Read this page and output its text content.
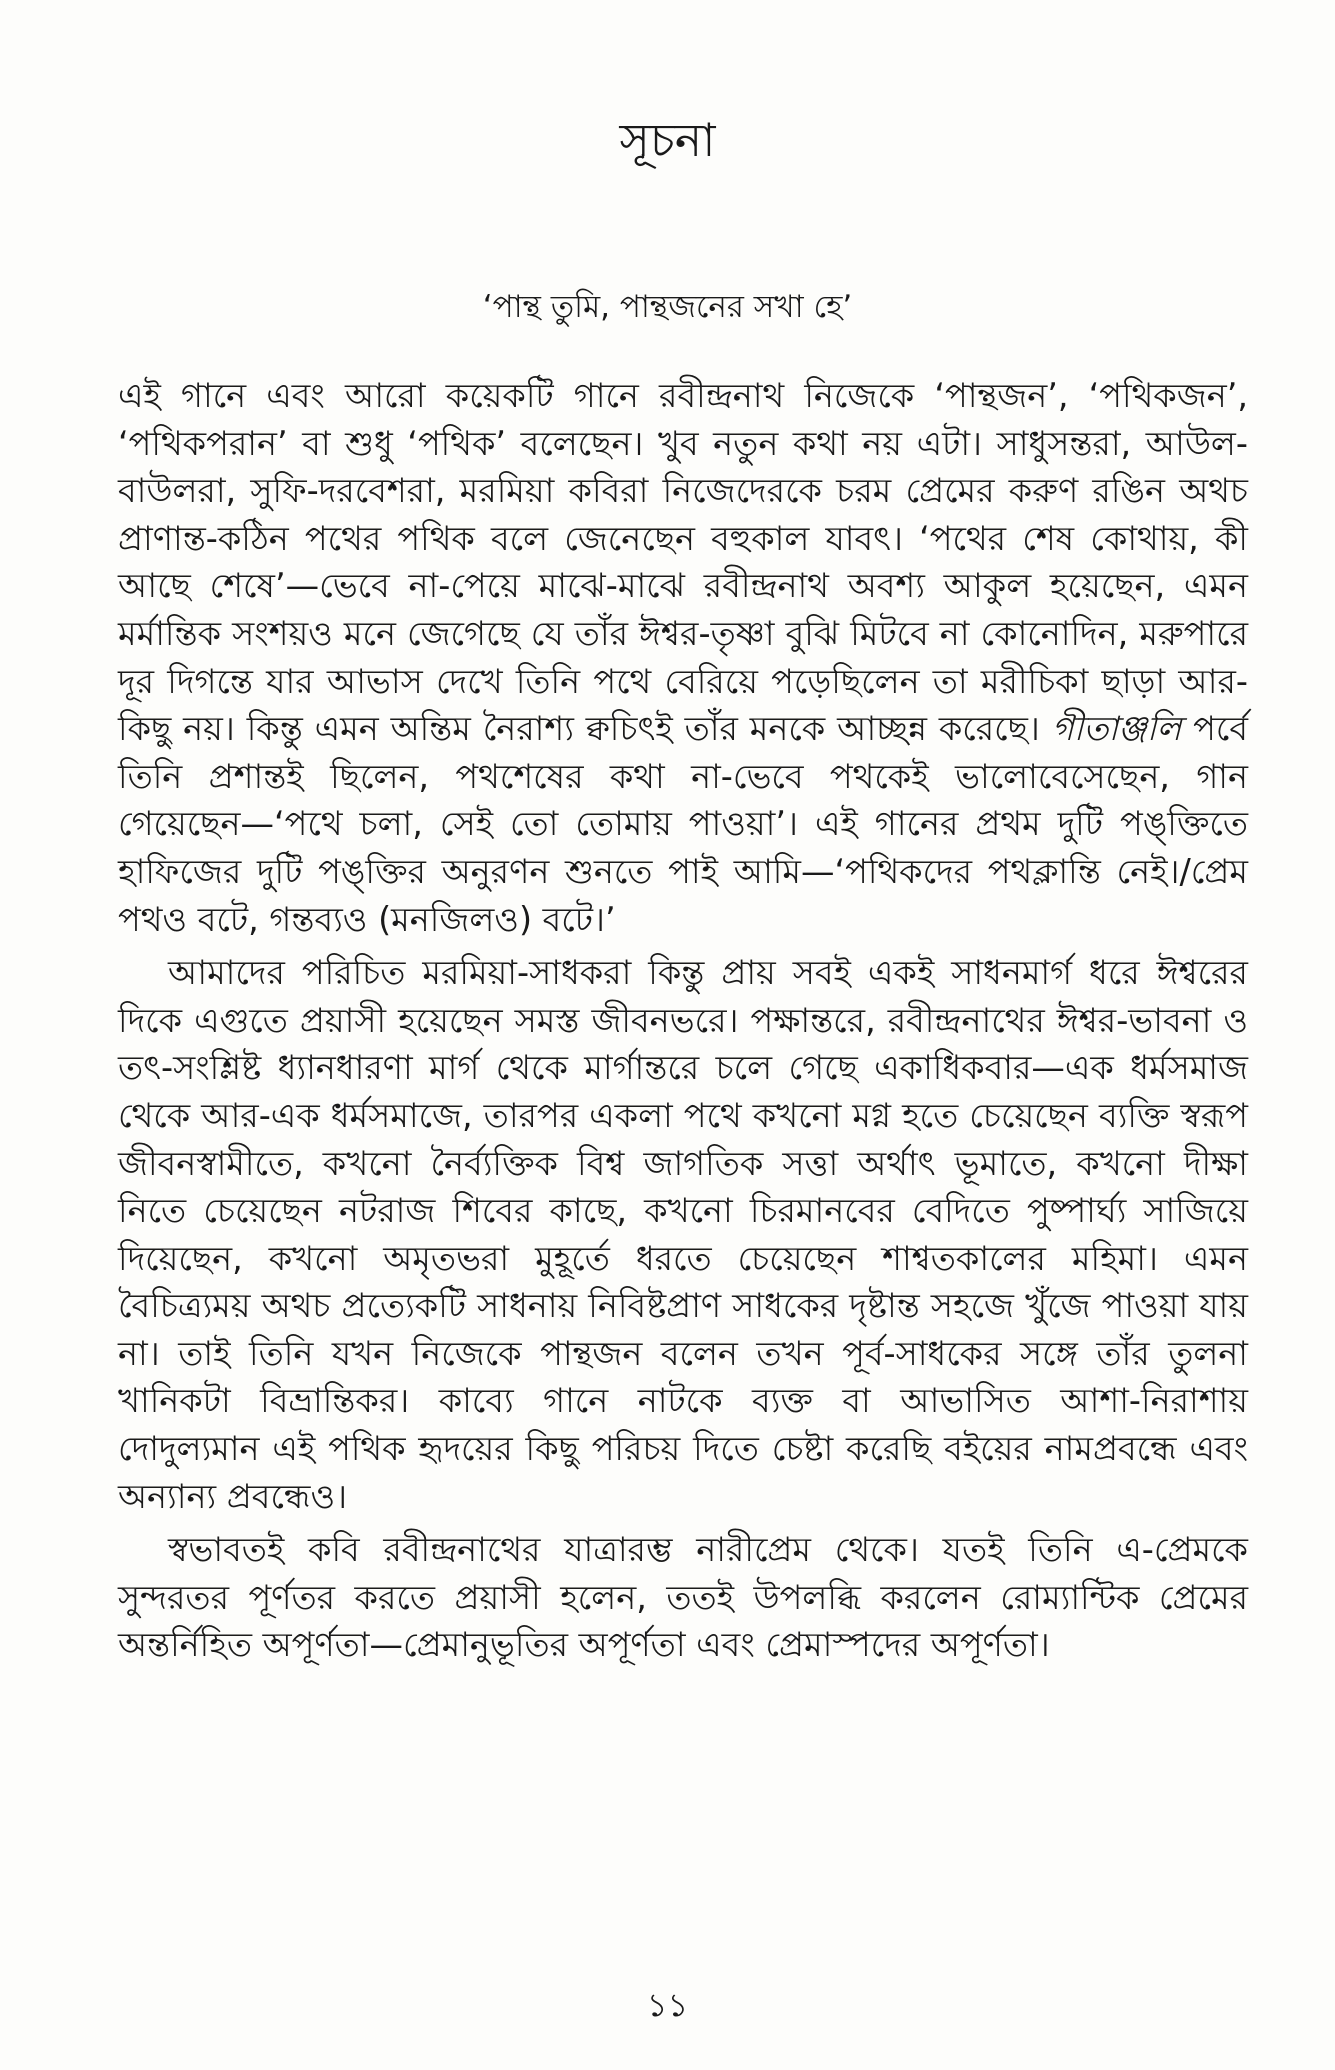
সূচনা
‘পান্থ তুমি, পান্থজনের সখা হে’

এই গানে এবং আরো কয়েকটি গানে রবীন্দ্রনাথ নিজেকে ‘পান্থজন’, ‘পথিকজন’, ‘পথিকপরান’ বা শুধু ‘পথিক’ বলেছেন। খুব নতুন কথা নয় এটা। সাধুসন্তরা, আউল-বাউলরা, সুফি-দরবেশরা, মরমিয়া কবিরা নিজেদেরকে চরম প্রেমের করুণ রঙিন অথচ প্রাণান্ত-কঠিন পথের পথিক বলে জেনেছেন বহুকাল যাবৎ। ‘পথের শেষ কোথায়, কী আছে শেষে’—ভেবে না-পেয়ে মাঝে-মাঝে রবীন্দ্রনাথ অবশ্য আকুল হয়েছেন, এমন মর্মান্তিক সংশয়ও মনে জেগেছে যে তাঁর ঈশ্বর-তৃষ্ণা বুঝি মিটবে না কোনোদিন, মরুপারে দূর দিগন্তে যার আভাস দেখে তিনি পথে বেরিয়ে পড়েছিলেন তা মরীচিকা ছাড়া আর-কিছু নয়। কিন্তু এমন অন্তিম নৈরাশ্য ক্বচিৎই তাঁর মনকে আচ্ছন্ন করেছে। গীতাঞ্জলি পর্বে তিনি প্রশান্তই ছিলেন, পথশেষের কথা না-ভেবে পথকেই ভালোবেসেছেন, গান গেয়েছেন—‘পথে চলা, সেই তো তোমায় পাওয়া’। এই গানের প্রথম দুটি পঙ্‌ক্তিতে হাফিজের দুটি পঙ্‌ক্তির অনুরণন শুনতে পাই আমি—‘পথিকদের পথক্লান্তি নেই।/প্রেম পথও বটে, গন্তব্যও (মনজিলও) বটে।’

আমাদের পরিচিত মরমিয়া-সাধকরা কিন্তু প্রায় সবই একই সাধনমার্গ ধরে ঈশ্বরের দিকে এগুতে প্রয়াসী হয়েছেন সমস্ত জীবনভরে। পক্ষান্তরে, রবীন্দ্রনাথের ঈশ্বর-ভাবনা ও তৎ-সংশ্লিষ্ট ধ্যানধারণা মার্গ থেকে মার্গান্তরে চলে গেছে একাধিকবার—এক ধর্মসমাজ থেকে আর-এক ধর্মসমাজে, তারপর একলা পথে কখনো মগ্ন হতে চেয়েছেন ব্যক্তি স্বরূপ জীবনস্বামীতে, কখনো নৈর্ব্যক্তিক বিশ্ব জাগতিক সত্তা অর্থাৎ ভূমাতে, কখনো দীক্ষা নিতে চেয়েছেন নটরাজ শিবের কাছে, কখনো চিরমানবের বেদিতে পুষ্পার্ঘ্য সাজিয়ে দিয়েছেন, কখনো অমৃতভরা মুহূর্তে ধরতে চেয়েছেন শাশ্বতকালের মহিমা। এমন বৈচিত্র্যময় অথচ প্রত্যেকটি সাধনায় নিবিষ্টপ্রাণ সাধকের দৃষ্টান্ত সহজে খুঁজে পাওয়া যায় না। তাই তিনি যখন নিজেকে পান্থজন বলেন তখন পূর্ব-সাধকের সঙ্গে তাঁর তুলনা খানিকটা বিভ্রান্তিকর। কাব্যে গানে নাটকে ব্যক্ত বা আভাসিত আশা-নিরাশায় দোদুল্যমান এই পথিক হৃদয়ের কিছু পরিচয় দিতে চেষ্টা করেছি বইয়ের নামপ্রবন্ধে এবং অন্যান্য প্রবন্ধেও।

স্বভাবতই কবি রবীন্দ্রনাথের যাত্রারম্ভ নারীপ্রেম থেকে। যতই তিনি এ-প্রেমকে সুন্দরতর পূর্ণতর করতে প্রয়াসী হলেন, ততই উপলব্ধি করলেন রোম্যান্টিক প্রেমের অন্তর্নিহিত অপূর্ণতা—প্রেমানুভূতির অপূর্ণতা এবং প্রেমাস্পদের অপূর্ণতা।

১১
